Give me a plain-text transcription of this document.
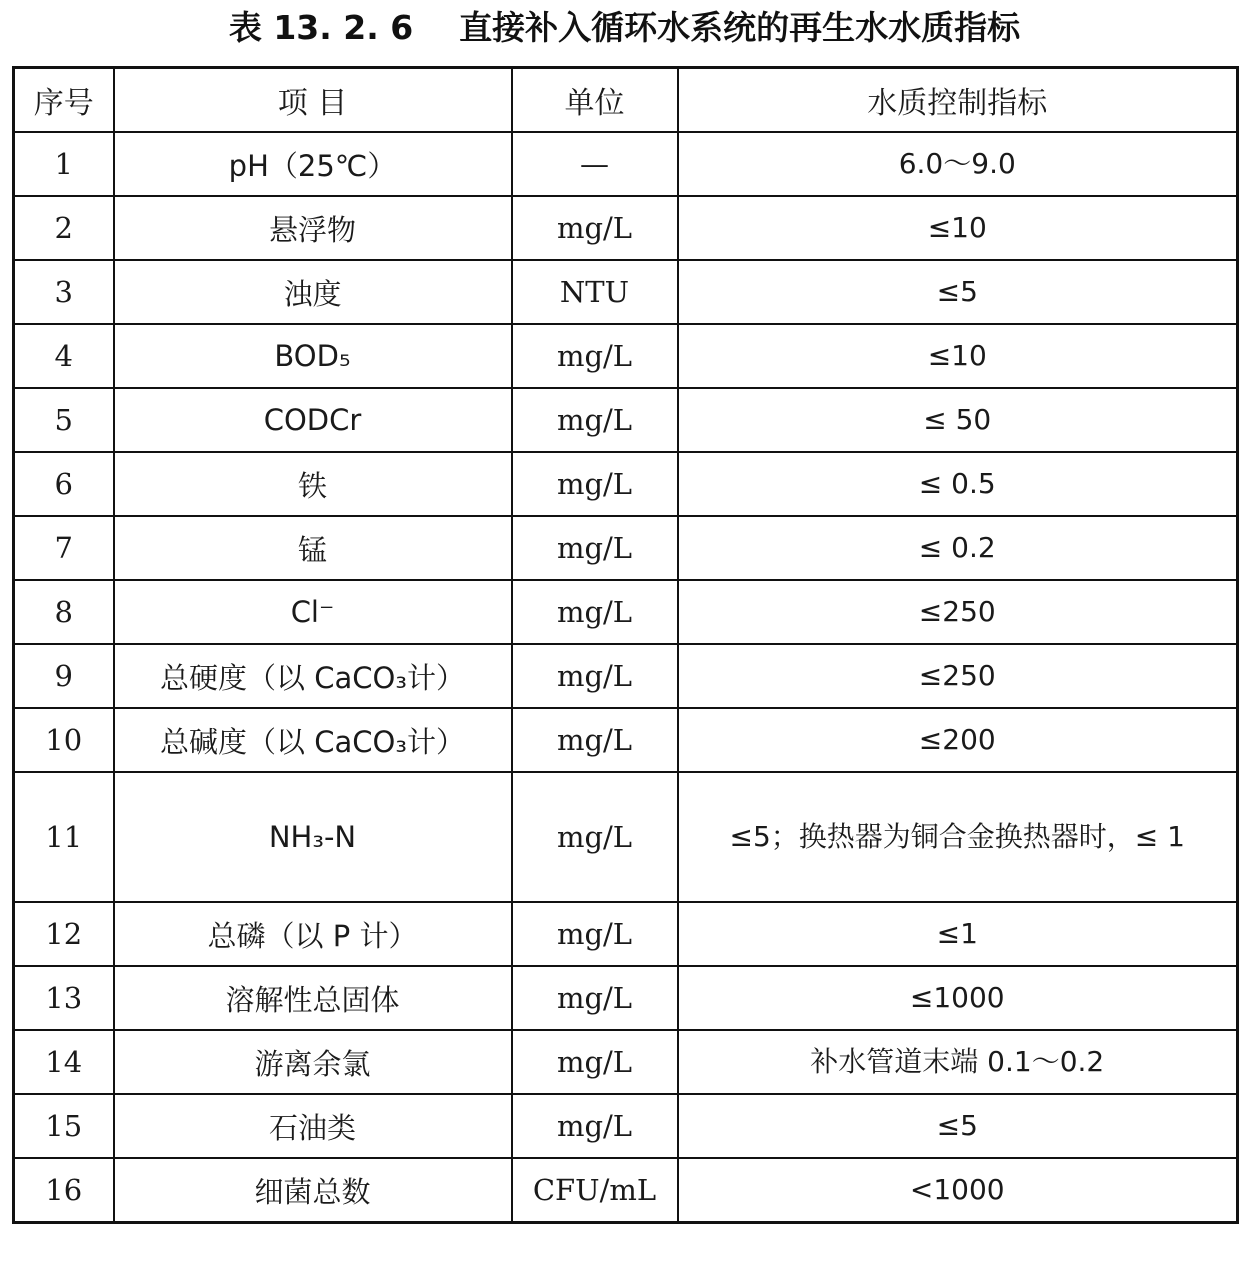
表 13. 2. 6    直接补入循环水系统的再生水水质指标
序号	项 目	单位	水质控制指标
1	pH（25℃）	—	6.0～9.0
2	悬浮物	mg/L	≤10
3	浊度	NTU	≤5
4	BOD₅	mg/L	≤10
5	CODCr	mg/L	≤ 50
6	铁	mg/L	≤ 0.5
7	锰	mg/L	≤ 0.2
8	Cl⁻	mg/L	≤250
9	总硬度（以 CaCO₃计）	mg/L	≤250
10	总碱度（以 CaCO₃计）	mg/L	≤200
11	NH₃-N	mg/L	≤5；换热器为铜合金换热器时，≤ 1
12	总磷（以 P 计）	mg/L	≤1
13	溶解性总固体	mg/L	≤1000
14	游离余氯	mg/L	补水管道末端 0.1～0.2
15	石油类	mg/L	≤5
16	细菌总数	CFU/mL	<1000
